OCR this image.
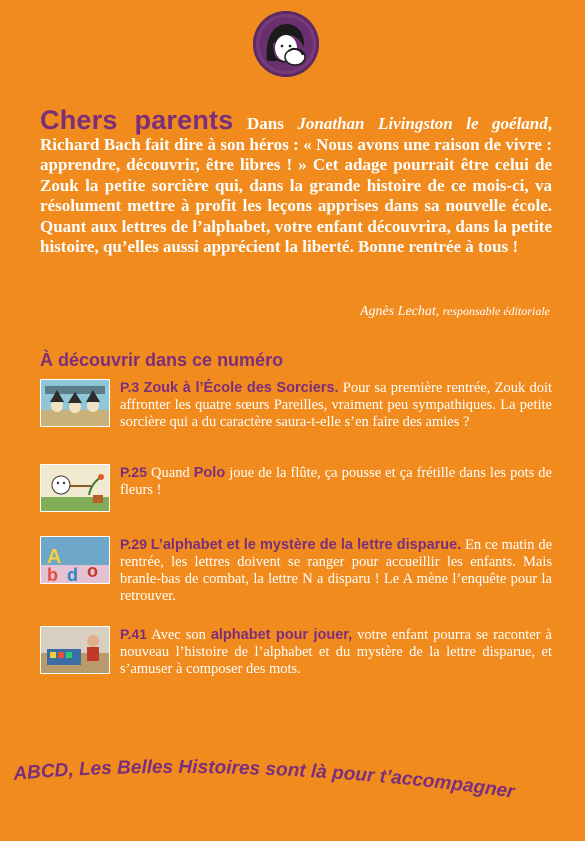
Chers parents Dans Jonathan Livingston le goéland, Richard Bach fait dire à son héros : « Nous avons une raison de vivre : apprendre, découvrir, être libres ! » Cet adage pourrait être celui de Zouk la petite sorcière qui, dans la grande histoire de ce mois-ci, va résolument mettre à profit les leçons apprises dans sa nouvelle école. Quant aux lettres de l’alphabet, votre enfant découvrira, dans la petite histoire, qu’elles aussi apprécient la liberté. Bonne rentrée à tous !
Agnès Lechat, responsable éditoriale
À découvrir dans ce numéro
P.3 Zouk à l’École des Sorciers. Pour sa première rentrée, Zouk doit affronter les quatre sœurs Pareilles, vraiment peu sympathiques. La petite sorcière qui a du caractère saura-t-elle s’en faire des amies ?
P.25 Quand Polo joue de la flûte, ça pousse et ça frétille dans les pots de fleurs !
A
b d o
P.29 L’alphabet et le mystère de la lettre disparue. En ce matin de rentrée, les lettres doivent se ranger pour accueillir les enfants. Mais branle-bas de combat, la lettre N a disparu ! Le A mène l’enquête pour la retrouver.
P.41 Avec son alphabet pour jouer, votre enfant pourra se raconter à nouveau l’histoire de l’alphabet et du mystère de la lettre disparue, et s’amuser à composer des mots.
ABCD, Les Belles Histoires sont là pour t’accompagner
